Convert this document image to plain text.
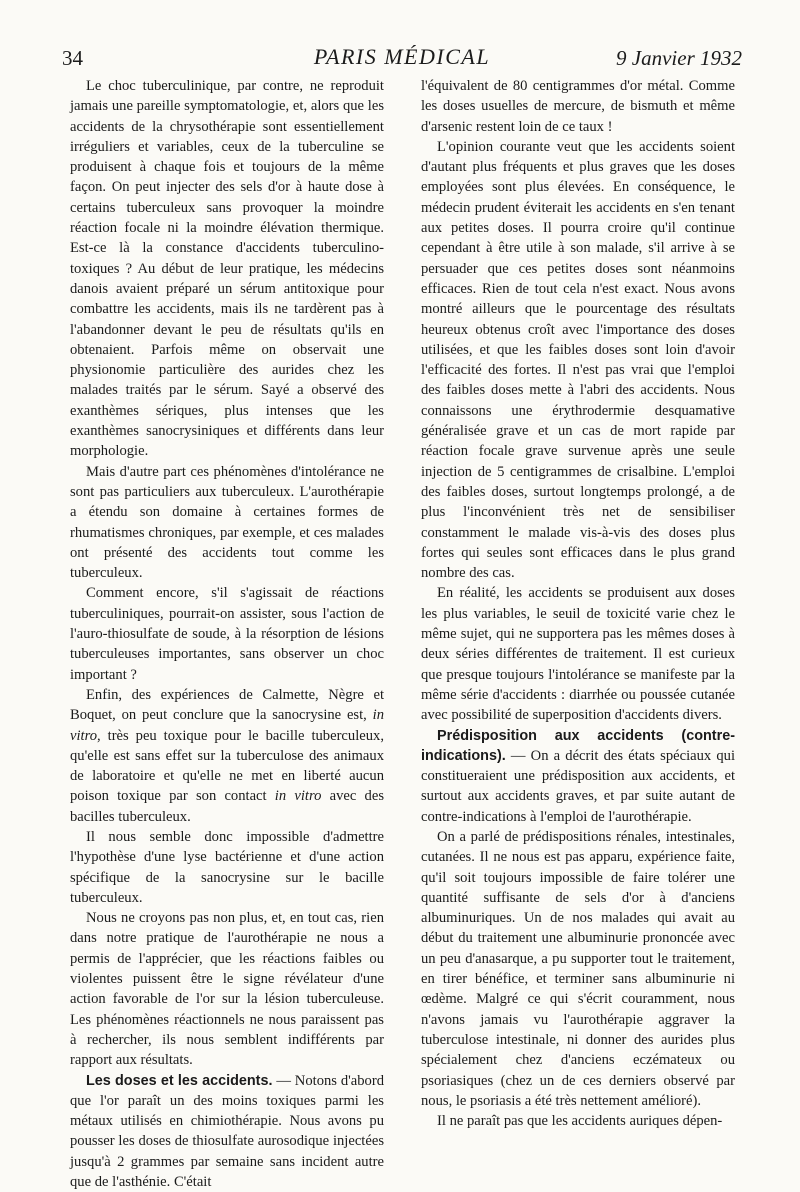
34	PARIS MÉDICAL	9 Janvier 1932

Le choc tuberculinique, par contre, ne reproduit jamais une pareille symptomatologie, et, alors que les accidents de la chrysothérapie sont essentiellement irréguliers et variables, ceux de la tuberculine se produisent à chaque fois et toujours de la même façon. On peut injecter des sels d'or à haute dose à certains tuberculeux sans provoquer la moindre réaction focale ni la moindre élévation thermique. Est-ce là la constance d'accidents tuberculino-toxiques ? Au début de leur pratique, les médecins danois avaient préparé un sérum antitoxique pour combattre les accidents, mais ils ne tardèrent pas à l'abandonner devant le peu de résultats qu'ils en obtenaient. Parfois même on observait une physionomie particulière des aurides chez les malades traités par le sérum. Sayé a observé des exanthèmes sériques, plus intenses que les exanthèmes sanocrysiniques et différents dans leur morphologie.

Mais d'autre part ces phénomènes d'intolérance ne sont pas particuliers aux tuberculeux. L'aurothérapie a étendu son domaine à certaines formes de rhumatismes chroniques, par exemple, et ces malades ont présenté des accidents tout comme les tuberculeux.

Comment encore, s'il s'agissait de réactions tuberculiniques, pourrait-on assister, sous l'action de l'auro-thiosulfate de soude, à la résorption de lésions tuberculeuses importantes, sans observer un choc important ?

Enfin, des expériences de Calmette, Nègre et Boquet, on peut conclure que la sanocrysine est, in vitro, très peu toxique pour le bacille tuberculeux, qu'elle est sans effet sur la tuberculose des animaux de laboratoire et qu'elle ne met en liberté aucun poison toxique par son contact in vitro avec des bacilles tuberculeux.

Il nous semble donc impossible d'admettre l'hypothèse d'une lyse bactérienne et d'une action spécifique de la sanocrysine sur le bacille tuberculeux.

Nous ne croyons pas non plus, et, en tout cas, rien dans notre pratique de l'aurothérapie ne nous a permis de l'apprécier, que les réactions faibles ou violentes puissent être le signe révélateur d'une action favorable de l'or sur la lésion tuberculeuse. Les phénomènes réactionnels ne nous paraissent pas à rechercher, ils nous semblent indifférents par rapport aux résultats.

Les doses et les accidents. — Notons d'abord que l'or paraît un des moins toxiques parmi les métaux utilisés en chimiothérapie. Nous avons pu pousser les doses de thiosulfate aurosodique injectées jusqu'à 2 grammes par semaine sans incident autre que de l'asthénie. C'était

l'équivalent de 80 centigrammes d'or métal. Comme les doses usuelles de mercure, de bismuth et même d'arsenic restent loin de ce taux !

L'opinion courante veut que les accidents soient d'autant plus fréquents et plus graves que les doses employées sont plus élevées. En conséquence, le médecin prudent éviterait les accidents en s'en tenant aux petites doses. Il pourra croire qu'il continue cependant à être utile à son malade, s'il arrive à se persuader que ces petites doses sont néanmoins efficaces. Rien de tout cela n'est exact. Nous avons montré ailleurs que le pourcentage des résultats heureux obtenus croît avec l'importance des doses utilisées, et que les faibles doses sont loin d'avoir l'efficacité des fortes. Il n'est pas vrai que l'emploi des faibles doses mette à l'abri des accidents. Nous connaissons une érythrodermie desquamative généralisée grave et un cas de mort rapide par réaction focale grave survenue après une seule injection de 5 centigrammes de crisalbine. L'emploi des faibles doses, surtout longtemps prolongé, a de plus l'inconvénient très net de sensibiliser constamment le malade vis-à-vis des doses plus fortes qui seules sont efficaces dans le plus grand nombre des cas.

En réalité, les accidents se produisent aux doses les plus variables, le seuil de toxicité varie chez le même sujet, qui ne supportera pas les mêmes doses à deux séries différentes de traitement. Il est curieux que presque toujours l'intolérance se manifeste par la même série d'accidents : diarrhée ou poussée cutanée avec possibilité de superposition d'accidents divers.

Prédisposition aux accidents (contre-indications). — On a décrit des états spéciaux qui constitueraient une prédisposition aux accidents, et surtout aux accidents graves, et par suite autant de contre-indications à l'emploi de l'aurothérapie.

On a parlé de prédispositions rénales, intestinales, cutanées. Il ne nous est pas apparu, expérience faite, qu'il soit toujours impossible de faire tolérer une quantité suffisante de sels d'or à d'anciens albuminuriques. Un de nos malades qui avait au début du traitement une albuminurie prononcée avec un peu d'anasarque, a pu supporter tout le traitement, en tirer bénéfice, et terminer sans albuminurie ni œdème. Malgré ce qui s'écrit couramment, nous n'avons jamais vu l'aurothérapie aggraver la tuberculose intestinale, ni donner des aurides plus spécialement chez d'anciens eczémateux ou psoriasiques (chez un de ces derniers observé par nous, le psoriasis a été très nettement amélioré).

Il ne paraît pas que les accidents auriques dépen-
